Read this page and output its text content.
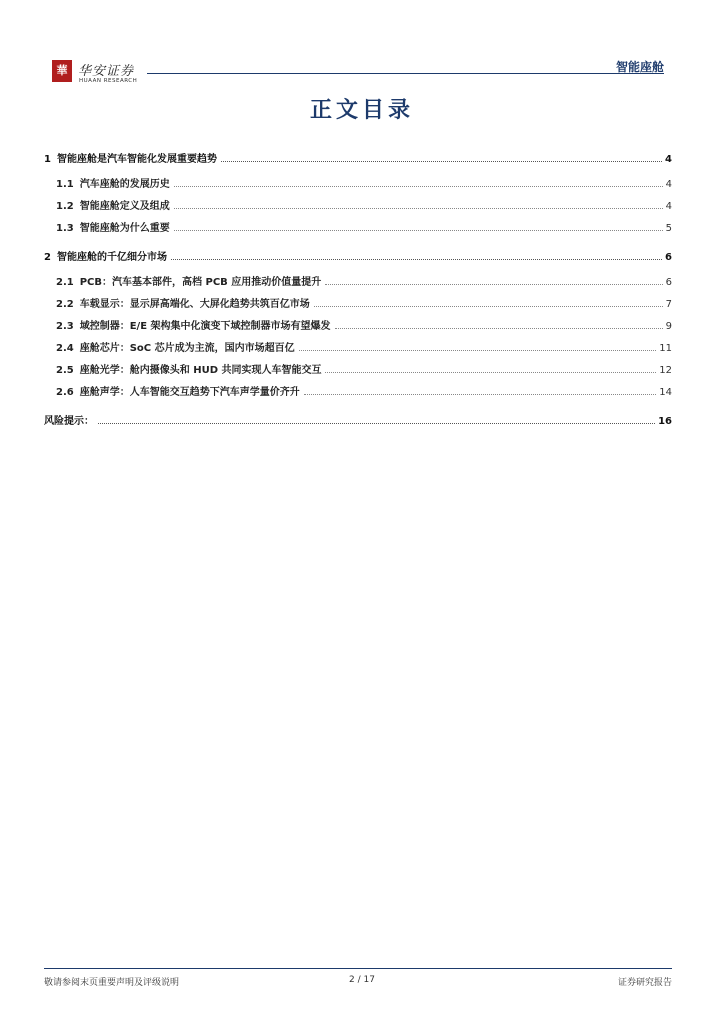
華 华安证券
HUAAN RESEARCH
智能座舱
正文目录
1 智能座舱是汽车智能化发展重要趋势	4
1.1 汽车座舱的发展历史	4
1.2 智能座舱定义及组成	4
1.3 智能座舱为什么重要	5
2 智能座舱的千亿细分市场	6
2.1 PCB：汽车基本部件，高档 PCB 应用推动价值量提升	6
2.2 车载显示：显示屏高端化、大屏化趋势共筑百亿市场	7
2.3 域控制器：E/E 架构集中化演变下域控制器市场有望爆发	9
2.4 座舱芯片：SoC 芯片成为主流，国内市场超百亿	11
2.5 座舱光学：舱内摄像头和 HUD 共同实现人车智能交互	12
2.6 座舱声学：人车智能交互趋势下汽车声学量价齐升	14
风险提示：	16
敬请参阅末页重要声明及评级说明	2 / 17	证券研究报告
